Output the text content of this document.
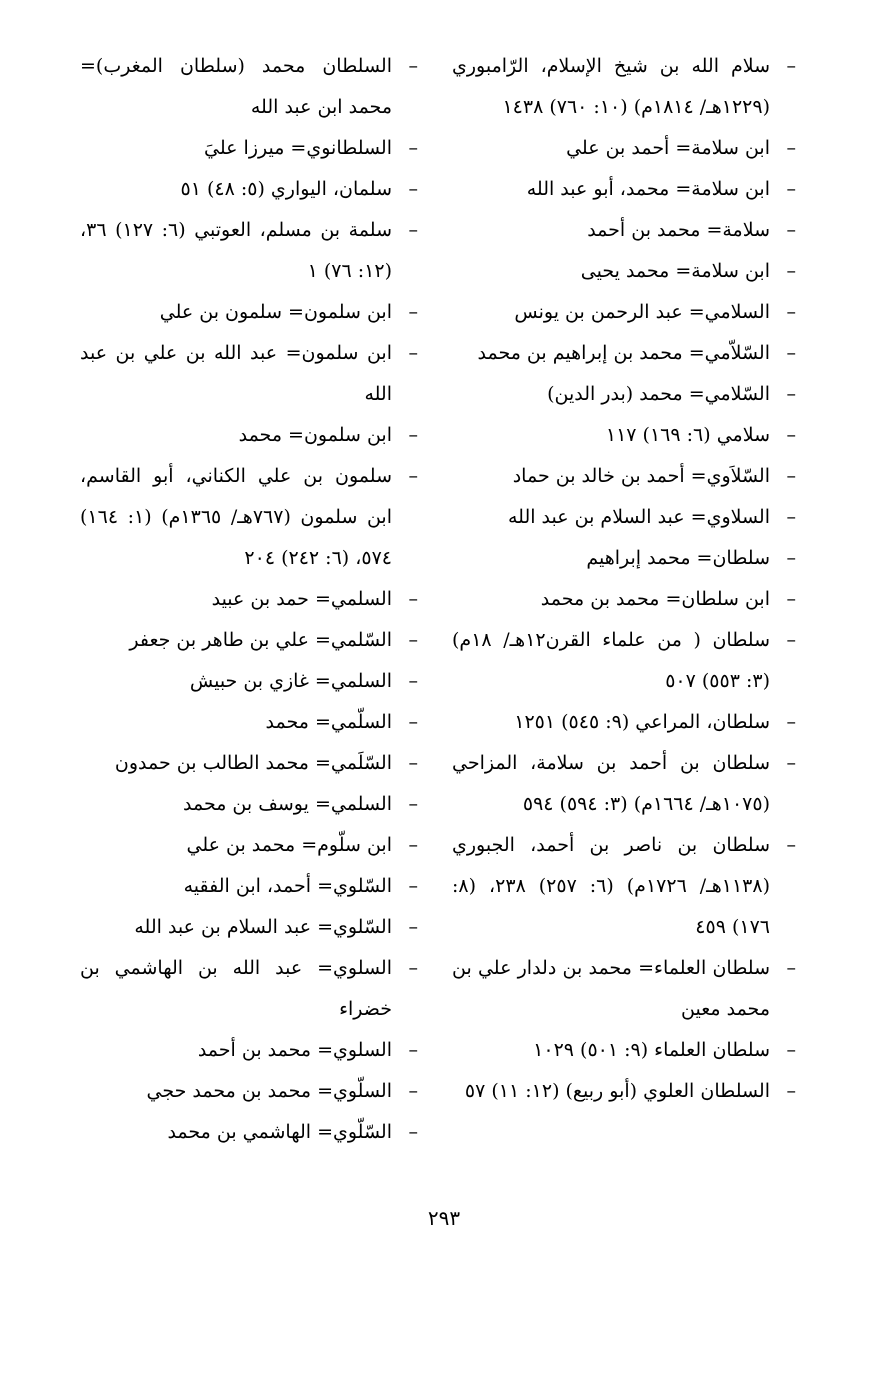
–
سلام الله بن شيخ الإسلام، الرّامبوري (١٢٢٩هـ/ ١٨١٤م) (١٠: ٧٦٠) ١٤٣٨
–
ابن سلامة= أحمد بن علي
–
ابن سلامة= محمد، أبو عبد الله
–
سلامة= محمد بن أحمد
–
ابن سلامة= محمد يحيى
–
السلامي= عبد الرحمن بن يونس
–
السّلاّمي= محمد بن إبراهيم بن محمد
–
السّلامي= محمد (بدر الدين)
–
سلامي (٦: ١٦٩) ١١٧
–
السّلاَوي= أحمد بن خالد بن حماد
–
السلاوي= عبد السلام بن عبد الله
–
سلطان= محمد إبراهيم
–
ابن سلطان= محمد بن محمد
–
سلطان ( من علماء القرن١٢هـ/ ١٨م) (٣: ٥٥٣) ٥٠٧
–
سلطان، المراعي (٩: ٥٤٥) ١٢٥١
–
سلطان بن أحمد بن سلامة، المزاحي (١٠٧٥هـ/ ١٦٦٤م) (٣: ٥٩٤) ٥٩٤
–
سلطان بن ناصر بن أحمد، الجبوري (١١٣٨هـ/ ١٧٢٦م) (٦: ٢٥٧) ٢٣٨، (٨: ١٧٦) ٤٥٩
–
سلطان العلماء= محمد بن دلدار علي بن محمد معين
–
سلطان العلماء (٩: ٥٠١) ١٠٢٩
–
السلطان العلوي (أبو ربيع) (١٢: ١١) ٥٧
–
السلطان محمد (سلطان المغرب)= محمد ابن عبد الله
–
السلطانوي= ميرزا عليَ
–
سلمان، اليواري (٥: ٤٨) ٥١
–
سلمة بن مسلم، العوتبي (٦: ١٢٧) ٣٦، (١٢: ٧٦) ١
–
ابن سلمون= سلمون بن علي
–
ابن سلمون= عبد الله بن علي بن عبد الله
–
ابن سلمون= محمد
–
سلمون بن علي الكناني، أبو القاسم، ابن سلمون (٧٦٧هـ/ ١٣٦٥م) (١: ١٦٤) ٥٧٤، (٦: ٢٤٢) ٢٠٤
–
السلمي= حمد بن عبيد
–
السّلمي= علي بن طاهر بن جعفر
–
السلمي= غازي بن حبيش
–
السلّمي= محمد
–
السّلَمي= محمد الطالب بن حمدون
–
السلمي= يوسف بن محمد
–
ابن سلّوم= محمد بن علي
–
السّلوي= أحمد، ابن الفقيه
–
السّلوي= عبد السلام بن عبد الله
–
السلوي= عبد الله بن الهاشمي بن خضراء
–
السلوي= محمد بن أحمد
–
السلّوي= محمد بن محمد حجي
–
السّلّوي= الهاشمي بن محمد
٢٩٣
